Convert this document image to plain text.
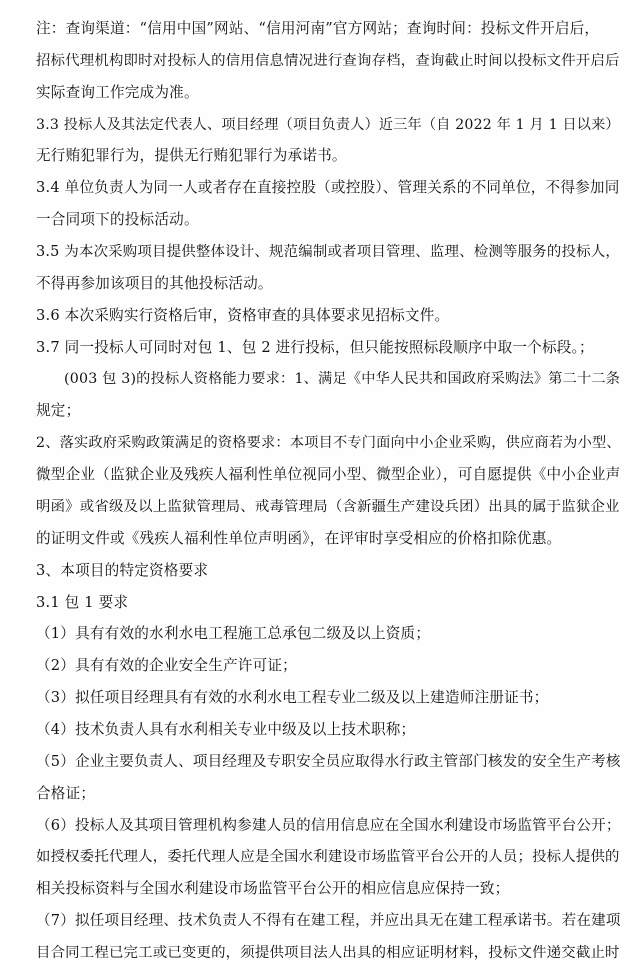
注：查询渠道：“信用中国”网站、“信用河南”官方网站；查询时间：投标文件开启后，
招标代理机构即时对投标人的信用信息情况进行查询存档，查询截止时间以投标文件开启后
实际查询工作完成为准。
3.3 投标人及其法定代表人、项目经理（项目负责人）近三年（自 2022 年 1 月 1 日以来）
无行贿犯罪行为，提供无行贿犯罪行为承诺书。
3.4 单位负责人为同一人或者存在直接控股（或控股）、管理关系的不同单位，不得参加同
一合同项下的投标活动。
3.5 为本次采购项目提供整体设计、规范编制或者项目管理、监理、检测等服务的投标人，
不得再参加该项目的其他投标活动。
3.6 本次采购实行资格后审，资格审查的具体要求见招标文件。
3.7 同一投标人可同时对包 1、包 2 进行投标，但只能按照标段顺序中取一个标段。；
(003 包 3)的投标人资格能力要求：1、满足《中华人民共和国政府采购法》第二十二条
规定；
2、落实政府采购政策满足的资格要求：本项目不专门面向中小企业采购，供应商若为小型、
微型企业（监狱企业及残疾人福利性单位视同小型、微型企业），可自愿提供《中小企业声
明函》或省级及以上监狱管理局、戒毒管理局（含新疆生产建设兵团）出具的属于监狱企业
的证明文件或《残疾人福利性单位声明函》，在评审时享受相应的价格扣除优惠。
3、本项目的特定资格要求
3.1 包 1 要求
（1）具有有效的水利水电工程施工总承包二级及以上资质；
（2）具有有效的企业安全生产许可证；
（3）拟任项目经理具有有效的水利水电工程专业二级及以上建造师注册证书；
（4）技术负责人具有水利相关专业中级及以上技术职称；
（5）企业主要负责人、项目经理及专职安全员应取得水行政主管部门核发的安全生产考核
合格证；
（6）投标人及其项目管理机构参建人员的信用信息应在全国水利建设市场监管平台公开；
如授权委托代理人，委托代理人应是全国水利建设市场监管平台公开的人员；投标人提供的
相关投标资料与全国水利建设市场监管平台公开的相应信息应保持一致；
（7）拟任项目经理、技术负责人不得有在建工程，并应出具无在建工程承诺书。若在建项
目合同工程已完工或已变更的，须提供项目法人出具的相应证明材料，投标文件递交截止时
